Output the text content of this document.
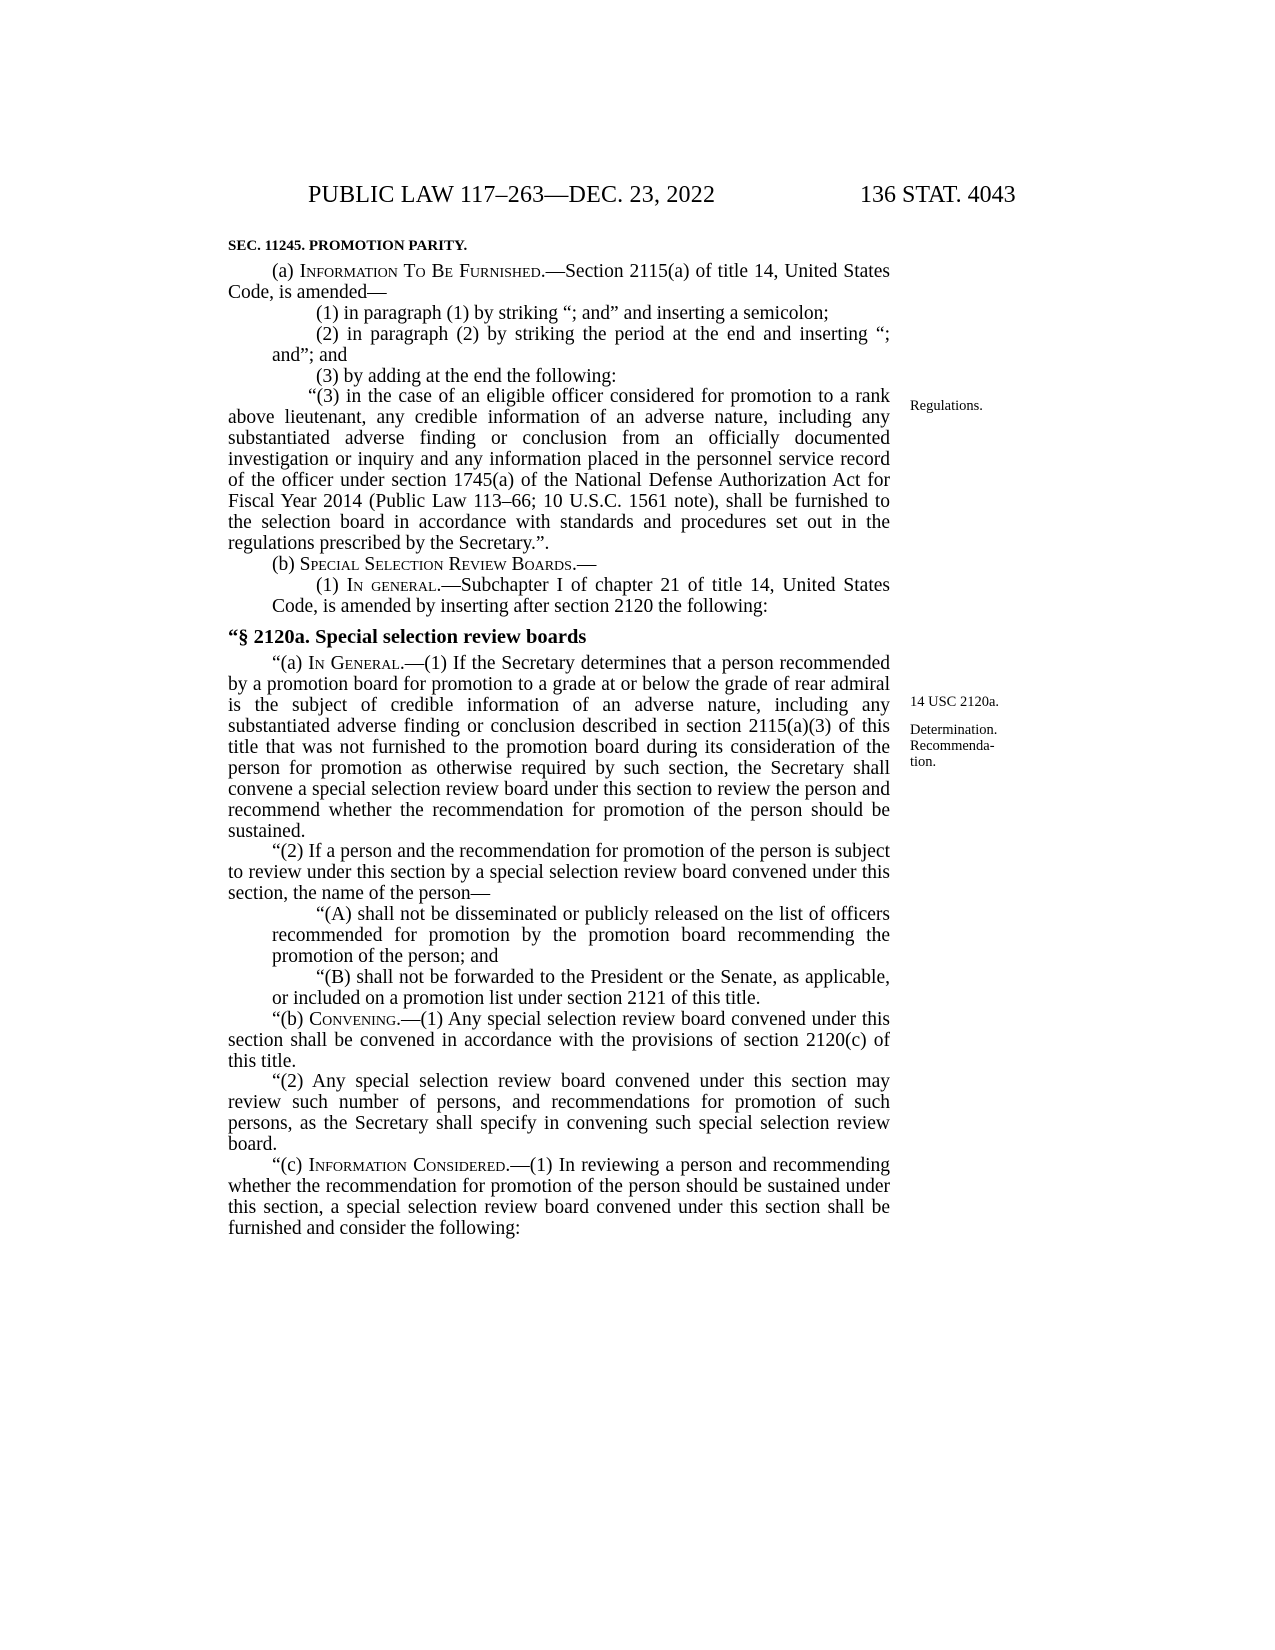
PUBLIC LAW 117–263—DEC. 23, 2022	136 STAT. 4043
SEC. 11245. PROMOTION PARITY.
Regulations.
14 USC 2120a.
Determination.
Recommenda-
tion.

(a) Information To Be Furnished.—Section 2115(a) of title 14, United States Code, is amended—

(1) in paragraph (1) by striking “; and” and inserting a semicolon;

(2) in paragraph (2) by striking the period at the end and inserting “; and”; and

(3) by adding at the end the following:

“(3) in the case of an eligible officer considered for promotion to a rank above lieutenant, any credible information of an adverse nature, including any substantiated adverse finding or conclusion from an officially documented investigation or inquiry and any information placed in the personnel service record of the officer under section 1745(a) of the National Defense Authorization Act for Fiscal Year 2014 (Public Law 113–66; 10 U.S.C. 1561 note), shall be furnished to the selection board in accordance with standards and procedures set out in the regulations prescribed by the Secretary.”.

(b) Special Selection Review Boards.—

(1) In general.—Subchapter I of chapter 21 of title 14, United States Code, is amended by inserting after section 2120 the following:

“§ 2120a. Special selection review boards

“(a) In General.—(1) If the Secretary determines that a person recommended by a promotion board for promotion to a grade at or below the grade of rear admiral is the subject of credible information of an adverse nature, including any substantiated adverse finding or conclusion described in section 2115(a)(3) of this title that was not furnished to the promotion board during its consideration of the person for promotion as otherwise required by such section, the Secretary shall convene a special selection review board under this section to review the person and recommend whether the recommendation for promotion of the person should be sustained.

“(2) If a person and the recommendation for promotion of the person is subject to review under this section by a special selection review board convened under this section, the name of the person—

“(A) shall not be disseminated or publicly released on the list of officers recommended for promotion by the promotion board recommending the promotion of the person; and

“(B) shall not be forwarded to the President or the Senate, as applicable, or included on a promotion list under section 2121 of this title.

“(b) Convening.—(1) Any special selection review board convened under this section shall be convened in accordance with the provisions of section 2120(c) of this title.

“(2) Any special selection review board convened under this section may review such number of persons, and recommendations for promotion of such persons, as the Secretary shall specify in convening such special selection review board.

“(c) Information Considered.—(1) In reviewing a person and recommending whether the recommendation for promotion of the person should be sustained under this section, a special selection review board convened under this section shall be furnished and consider the following:
